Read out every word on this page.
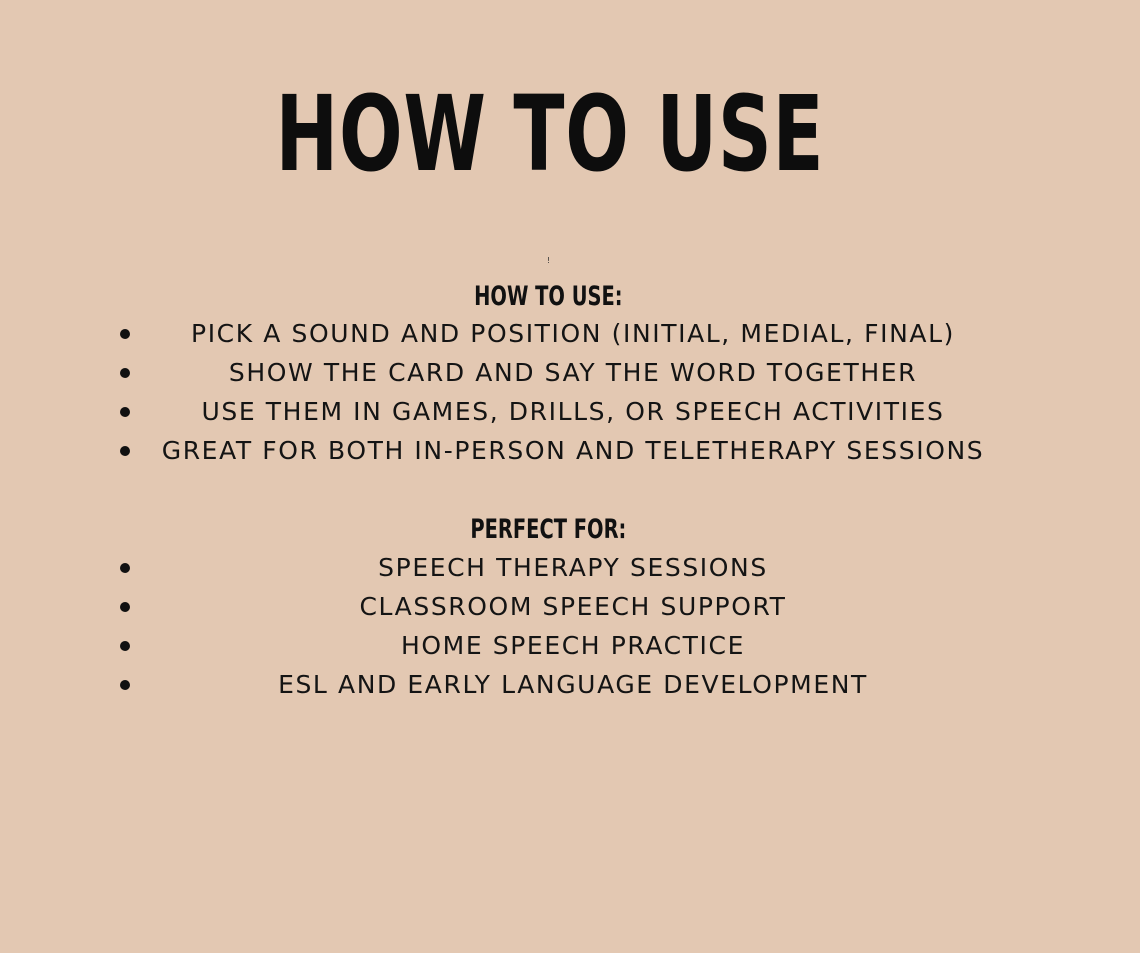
HOW TO USE
!
HOW TO USE:
PICK A SOUND AND POSITION (INITIAL, MEDIAL, FINAL)
SHOW THE CARD AND SAY THE WORD TOGETHER
USE THEM IN GAMES, DRILLS, OR SPEECH ACTIVITIES
GREAT FOR BOTH IN-PERSON AND TELETHERAPY SESSIONS
PERFECT FOR:
SPEECH THERAPY SESSIONS
CLASSROOM SPEECH SUPPORT
HOME SPEECH PRACTICE
ESL AND EARLY LANGUAGE DEVELOPMENT
